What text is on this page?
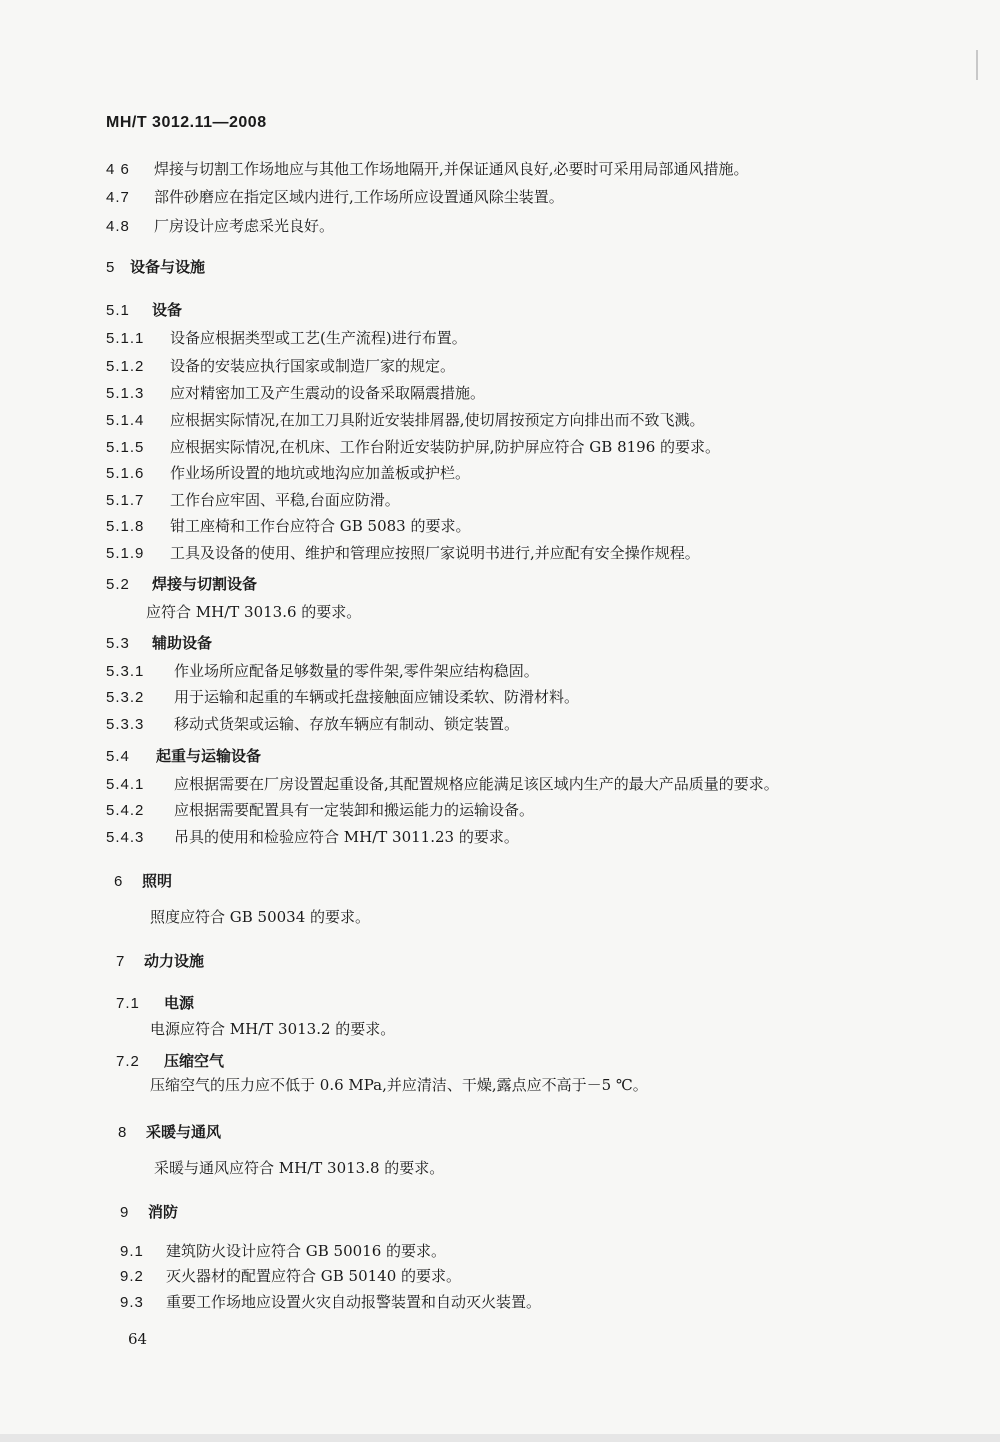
MH/T 3012.11—2008
4 6 焊接与切割工作场地应与其他工作场地隔开,并保证通风良好,必要时可采用局部通风措施。
4.7 部件砂磨应在指定区域内进行,工作场所应设置通风除尘装置。
4.8 厂房设计应考虑采光良好。
5 设备与设施
5.1 设备
5.1.1 设备应根据类型或工艺(生产流程)进行布置。
5.1.2 设备的安装应执行国家或制造厂家的规定。
5.1.3 应对精密加工及产生震动的设备采取隔震措施。
5.1.4 应根据实际情况,在加工刀具附近安装排屑器,使切屑按预定方向排出而不致飞溅。
5.1.5 应根据实际情况,在机床、工作台附近安装防护屏,防护屏应符合 GB 8196 的要求。
5.1.6 作业场所设置的地坑或地沟应加盖板或护栏。
5.1.7 工作台应牢固、平稳,台面应防滑。
5.1.8 钳工座椅和工作台应符合 GB 5083 的要求。
5.1.9 工具及设备的使用、维护和管理应按照厂家说明书进行,并应配有安全操作规程。
5.2 焊接与切割设备
应符合 MH/T 3013.6 的要求。
5.3 辅助设备
5.3.1 作业场所应配备足够数量的零件架,零件架应结构稳固。
5.3.2 用于运输和起重的车辆或托盘接触面应铺设柔软、防滑材料。
5.3.3 移动式货架或运输、存放车辆应有制动、锁定装置。
5.4 起重与运输设备
5.4.1 应根据需要在厂房设置起重设备,其配置规格应能满足该区域内生产的最大产品质量的要求。
5.4.2 应根据需要配置具有一定装卸和搬运能力的运输设备。
5.4.3 吊具的使用和检验应符合 MH/T 3011.23 的要求。
6 照明
照度应符合 GB 50034 的要求。
7 动力设施
7.1 电源
电源应符合 MH/T 3013.2 的要求。
7.2 压缩空气
压缩空气的压力应不低于 0.6 MPa,并应清洁、干燥,露点应不高于－5 ℃。
8 采暖与通风
采暖与通风应符合 MH/T 3013.8 的要求。
9 消防
9.1 建筑防火设计应符合 GB 50016 的要求。
9.2 灭火器材的配置应符合 GB 50140 的要求。
9.3 重要工作场地应设置火灾自动报警装置和自动灭火装置。
64
